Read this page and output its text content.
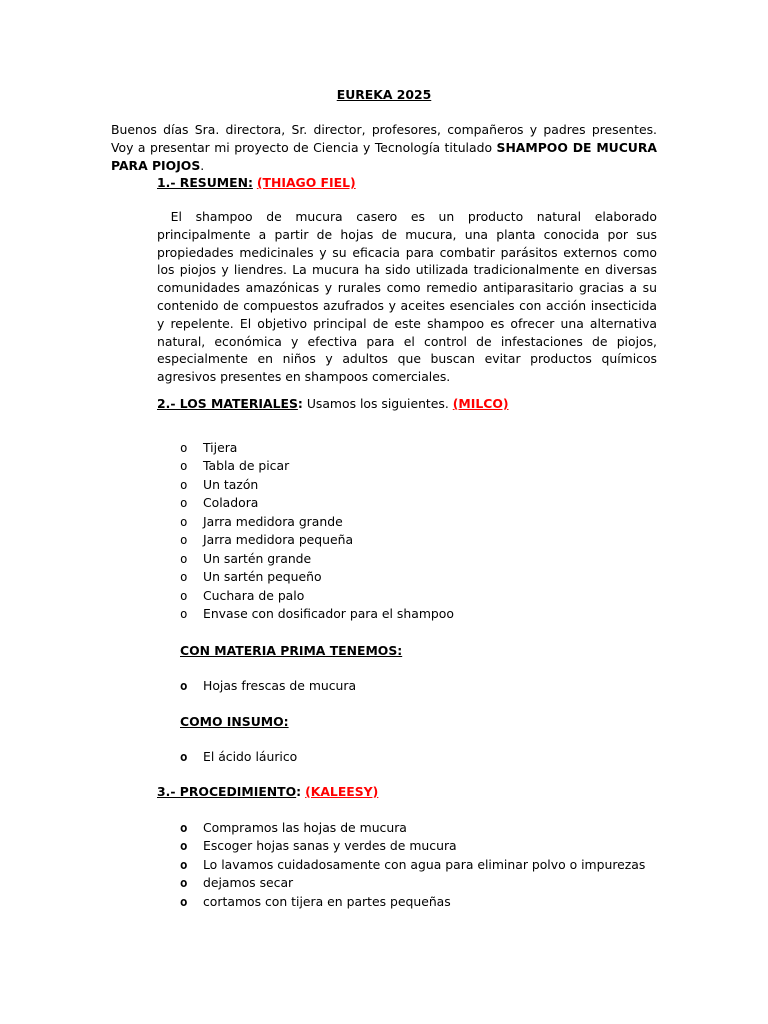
EUREKA 2025

Buenos días Sra. directora, Sr. director, profesores, compañeros y padres presentes. Voy a presentar mi proyecto de Ciencia y Tecnología titulado SHAMPOO DE MUCURA PARA PIOJOS.

1.- RESUMEN: (THIAGO FIEL)

El shampoo de mucura casero es un producto natural elaborado principalmente a partir de hojas de mucura, una planta conocida por sus propiedades medicinales y su eficacia para combatir parásitos externos como los piojos y liendres. La mucura ha sido utilizada tradicionalmente en diversas comunidades amazónicas y rurales como remedio antiparasitario gracias a su contenido de compuestos azufrados y aceites esenciales con acción insecticida y repelente. El objetivo principal de este shampoo es ofrecer una alternativa natural, económica y efectiva para el control de infestaciones de piojos, especialmente en niños y adultos que buscan evitar productos químicos agresivos presentes en shampoos comerciales.

2.- LOS MATERIALES: Usamos los siguientes. (MILCO)
o Tijera
o Tabla de picar
o Un tazón
o Coladora
o Jarra medidora grande
o Jarra medidora pequeña
o Un sartén grande
o Un sartén pequeño
o Cuchara de palo
o Envase con dosificador para el shampoo
CON MATERIA PRIMA TENEMOS:
o Hojas frescas de mucura
COMO INSUMO:
o El ácido láurico
3.- PROCEDIMIENTO: (KALEESY)
o Compramos las hojas de mucura
o Escoger hojas sanas y verdes de mucura
o Lo lavamos cuidadosamente con agua para eliminar polvo o impurezas
o dejamos secar
o cortamos con tijera en partes pequeñas
